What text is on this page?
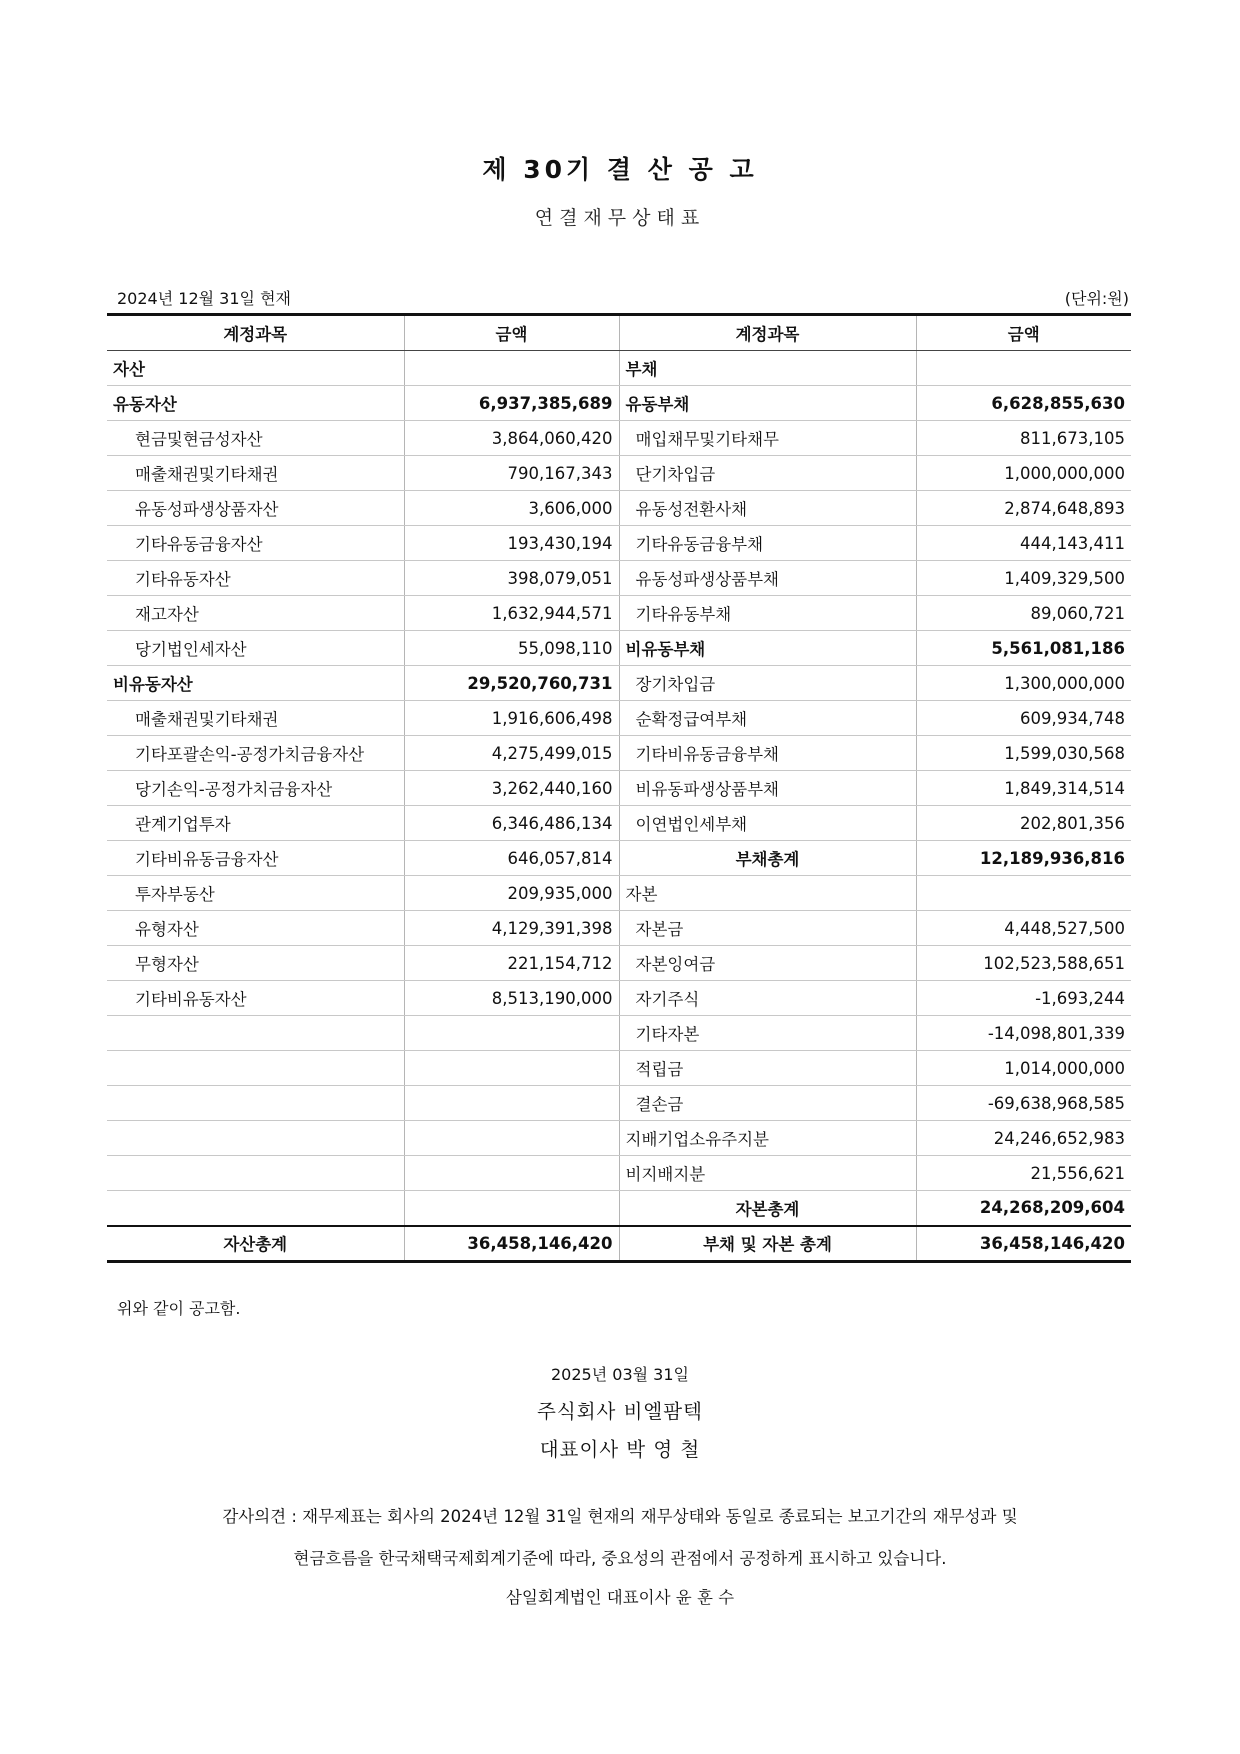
제 30기 결 산 공 고
연결재무상태표
2024년 12월 31일 현재	(단위:원)
계정과목	금액	계정과목	금액
자산		부채	
유동자산	6,937,385,689	유동부채	6,628,855,630
현금및현금성자산	3,864,060,420	매입채무및기타채무	811,673,105
매출채권및기타채권	790,167,343	단기차입금	1,000,000,000
유동성파생상품자산	3,606,000	유동성전환사채	2,874,648,893
기타유동금융자산	193,430,194	기타유동금융부채	444,143,411
기타유동자산	398,079,051	유동성파생상품부채	1,409,329,500
재고자산	1,632,944,571	기타유동부채	89,060,721
당기법인세자산	55,098,110	비유동부채	5,561,081,186
비유동자산	29,520,760,731	장기차입금	1,300,000,000
매출채권및기타채권	1,916,606,498	순확정급여부채	609,934,748
기타포괄손익-공정가치금융자산	4,275,499,015	기타비유동금융부채	1,599,030,568
당기손익-공정가치금융자산	3,262,440,160	비유동파생상품부채	1,849,314,514
관계기업투자	6,346,486,134	이연법인세부채	202,801,356
기타비유동금융자산	646,057,814	부채총계	12,189,936,816
투자부동산	209,935,000	자본	
유형자산	4,129,391,398	자본금	4,448,527,500
무형자산	221,154,712	자본잉여금	102,523,588,651
기타비유동자산	8,513,190,000	자기주식	-1,693,244
		기타자본	-14,098,801,339
		적립금	1,014,000,000
		결손금	-69,638,968,585
		지배기업소유주지분	24,246,652,983
		비지배지분	21,556,621
		자본총계	24,268,209,604
자산총계	36,458,146,420	부채 및 자본 총계	36,458,146,420
위와 같이 공고함.
2025년 03월 31일
주식회사 비엘팜텍
대표이사 박 영 철
감사의견 : 재무제표는 회사의 2024년 12월 31일 현재의 재무상태와 동일로 종료되는 보고기간의 재무성과 및
현금흐름을 한국채택국제회계기준에 따라, 중요성의 관점에서 공정하게 표시하고 있습니다.
삼일회계법인 대표이사 윤 훈 수
